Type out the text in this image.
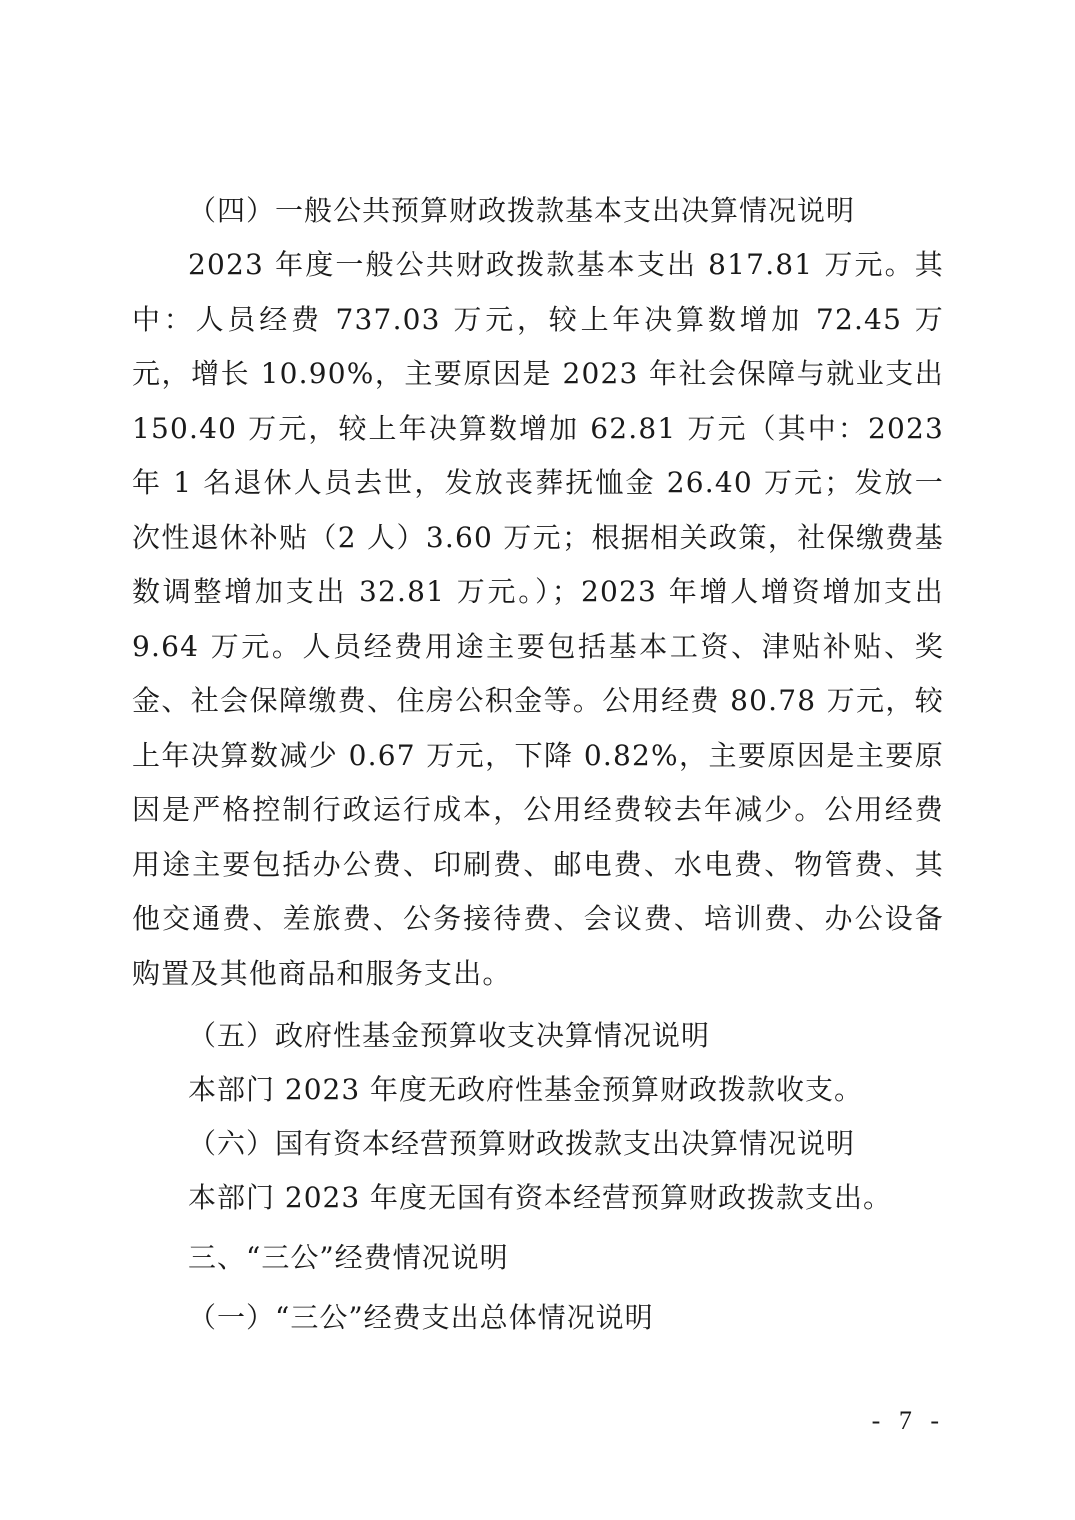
（四）一般公共预算财政拨款基本支出决算情况说明

2023 年度一般公共财政拨款基本支出 817.81 万元。其中：人员经费 737.03 万元，较上年决算数增加 72.45 万元，增长 10.90%，主要原因是 2023 年社会保障与就业支出 150.40 万元，较上年决算数增加 62.81 万元（其中：2023 年 1 名退休人员去世，发放丧葬抚恤金 26.40 万元；发放一次性退休补贴（2 人）3.60 万元；根据相关政策，社保缴费基数调整增加支出 32.81 万元。）；2023 年增人增资增加支出 9.64 万元。人员经费用途主要包括基本工资、津贴补贴、奖金、社会保障缴费、住房公积金等。公用经费 80.78 万元，较上年决算数减少 0.67 万元，下降 0.82%，主要原因是主要原因是严格控制行政运行成本，公用经费较去年减少。公用经费用途主要包括办公费、印刷费、邮电费、水电费、物管费、其他交通费、差旅费、公务接待费、会议费、培训费、办公设备购置及其他商品和服务支出。

（五）政府性基金预算收支决算情况说明

本部门 2023 年度无政府性基金预算财政拨款收支。

（六）国有资本经营预算财政拨款支出决算情况说明

本部门 2023 年度无国有资本经营预算财政拨款支出。

三、“三公”经费情况说明

（一）“三公”经费支出总体情况说明

- 7 -
